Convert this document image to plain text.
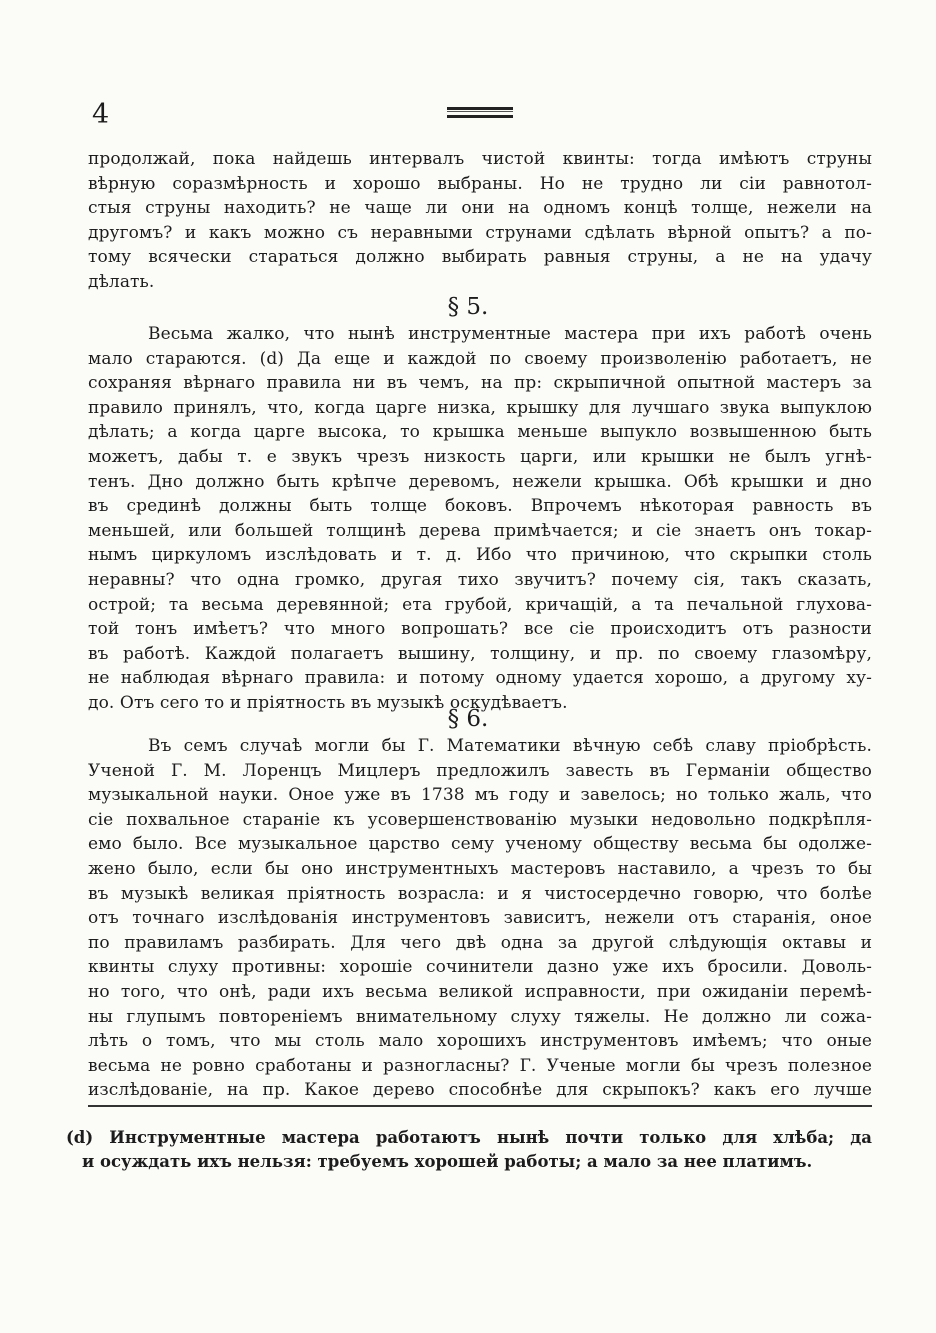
4
продолжай, пока найдешь интервалъ чистой квинты: тогда имѣютъ струны
вѣрную соразмѣрность и хорошо выбраны. Но не трудно ли сіи равнотол-
стыя струны находить? не чаще ли они на одномъ концѣ толще, нежели на
другомъ? и какъ можно съ неравными струнами сдѣлать вѣрной опытъ? а по-
тому всячески стараться должно выбирать равныя струны, а не на удачу
дѣлать.
§ 5.
Весьма жалко, что нынѣ инструментные мастера при ихъ работѣ очень
мало стараются. (d) Да еще и каждой по своему произволенію работаетъ, не
сохраняя вѣрнаго правила ни въ чемъ, на пр: скрыпичной опытной мастеръ за
правило принялъ, что, когда царге низка, крышку для лучшаго звука выпуклою
дѣлать; а когда царге высока, то крышка меньше выпукло возвышенною быть
можетъ, дабы т. е звукъ чрезъ низкость царги, или крышки не былъ угнѣ-
тенъ. Дно должно быть крѣпче деревомъ, нежели крышка. Обѣ крышки и дно
въ срединѣ должны быть толще боковъ. Впрочемъ нѣкоторая равность въ
меньшей, или большей толщинѣ дерева примѣчается; и сіе знаетъ онъ токар-
нымъ циркуломъ изслѣдовать и т. д. Ибо что причиною, что скрыпки столь
неравны? что одна громко, другая тихо звучитъ? почему сія, такъ сказать,
острой; та весьма деревянной; ета грубой, кричащій, а та печальной глухова-
той тонъ имѣетъ? что много вопрошать? все сіе происходитъ отъ разности
въ работѣ. Каждой полагаетъ вышину, толщину, и пр. по своему глазомѣру,
не наблюдая вѣрнаго правила: и потому одному удается хорошо, а другому ху-
до. Отъ сего то и пріятность въ музыкѣ оскудѣваетъ.
§ 6.
Въ семъ случаѣ могли бы Г. Математики вѣчную себѣ славу пріобрѣсть.
Ученой Г. М. Лоренцъ Мицлеръ предложилъ завесть въ Германіи общество
музыкальной науки. Оное уже въ 1738 мъ году и завелось; но только жаль, что
сіе похвальное стараніе къ усовершенствованію музыки недовольно подкрѣпля-
емо было. Все музыкальное царство сему ученому обществу весьма бы одолже-
жено было, если бы оно инструментныхъ мастеровъ наставило, а чрезъ то бы
въ музыкѣ великая пріятность возрасла: и я чистосердечно говорю, что болѣе
отъ точнаго изслѣдованія инструментовъ зависитъ, нежели отъ старанія, оное
по правиламъ разбирать. Для чего двѣ одна за другой слѣдующія октавы и
квинты слуху противны: хорошіе сочинители дазно уже ихъ бросили. Доволь-
но того, что онѣ, ради ихъ весьма великой исправности, при ожиданіи перемѣ-
ны глупымъ повтореніемъ внимательному слуху тяжелы. Не должно ли сожа-
лѣть о томъ, что мы столь мало хорошихъ инструментовъ имѣемъ; что оные
весьма не ровно сработаны и разногласны? Г. Ученые могли бы чрезъ полезное
изслѣдованіе, на пр. Какое дерево способнѣе для скрыпокъ? какъ его лучше
(d) Инструментные мастера работаютъ нынѣ почти только для хлѣба; да
и осуждать ихъ нельзя: требуемъ хорошей работы; а мало за нее платимъ.
